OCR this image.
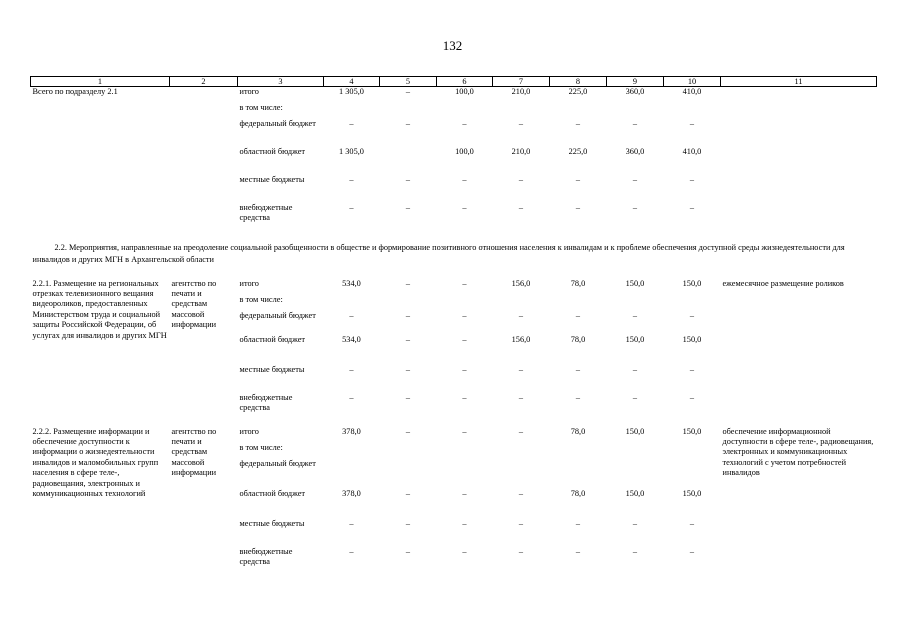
132
1	2	3	4	5	6	7	8	9	10	11
Всего по подразделу 2.1		итого	1 305,0	–	100,0	210,0	225,0	360,0	410,0	
		в том числе:								
		федеральный бюджет	–	–	–	–	–	–	–	
		областной бюджет	1 305,0		100,0	210,0	225,0	360,0	410,0	
		местные бюджеты	–	–	–	–	–	–	–	
		внебюджетные средства	–	–	–	–	–	–	–	
2.2. Мероприятия, направленные на преодоление социальной разобщенности в обществе и формирование позитивного отношения населения к инвалидам и к проблеме обеспечения доступной среды жизнедеятельности для инвалидов и других МГН в Архангельской области										
2.2.1. Размещение на региональных отрезках телевизионного вещания видеороликов, предоставленных Министерством труда и социальной защиты Российской Федерации, об услугах для инвалидов и других МГН	агентство по печати и средствам массовой информации	итого	534,0	–	–	156,0	78,0	150,0	150,0	ежемесячное размещение роликов
		в том числе:								
		федеральный бюджет	–	–	–	–	–	–	–	
		областной бюджет	534,0	–	–	156,0	78,0	150,0	150,0	
		местные бюджеты	–	–	–	–	–	–	–	
		внебюджетные средства	–	–	–	–	–	–	–	

2.2.2. Размещение информации и обеспечение доступности к информации о жизнедеятельности инвалидов и маломобильных групп населения в сфере теле-, радиовещания, электронных и коммуникационных технологий	агентство по печати и средствам массовой информации	итого	378,0	–	–	–	78,0	150,0	150,0	обеспечение информационной доступности в сфере теле-, радиовещания, электронных и коммуникационных технологий с учетом потребностей инвалидов
		в том числе:								
		федеральный бюджет								
		областной бюджет	378,0	–	–	–	78,0	150,0	150,0	
		местные бюджеты	–	–	–	–	–	–	–	
		внебюджетные средства	–	–	–	–	–	–	–	
